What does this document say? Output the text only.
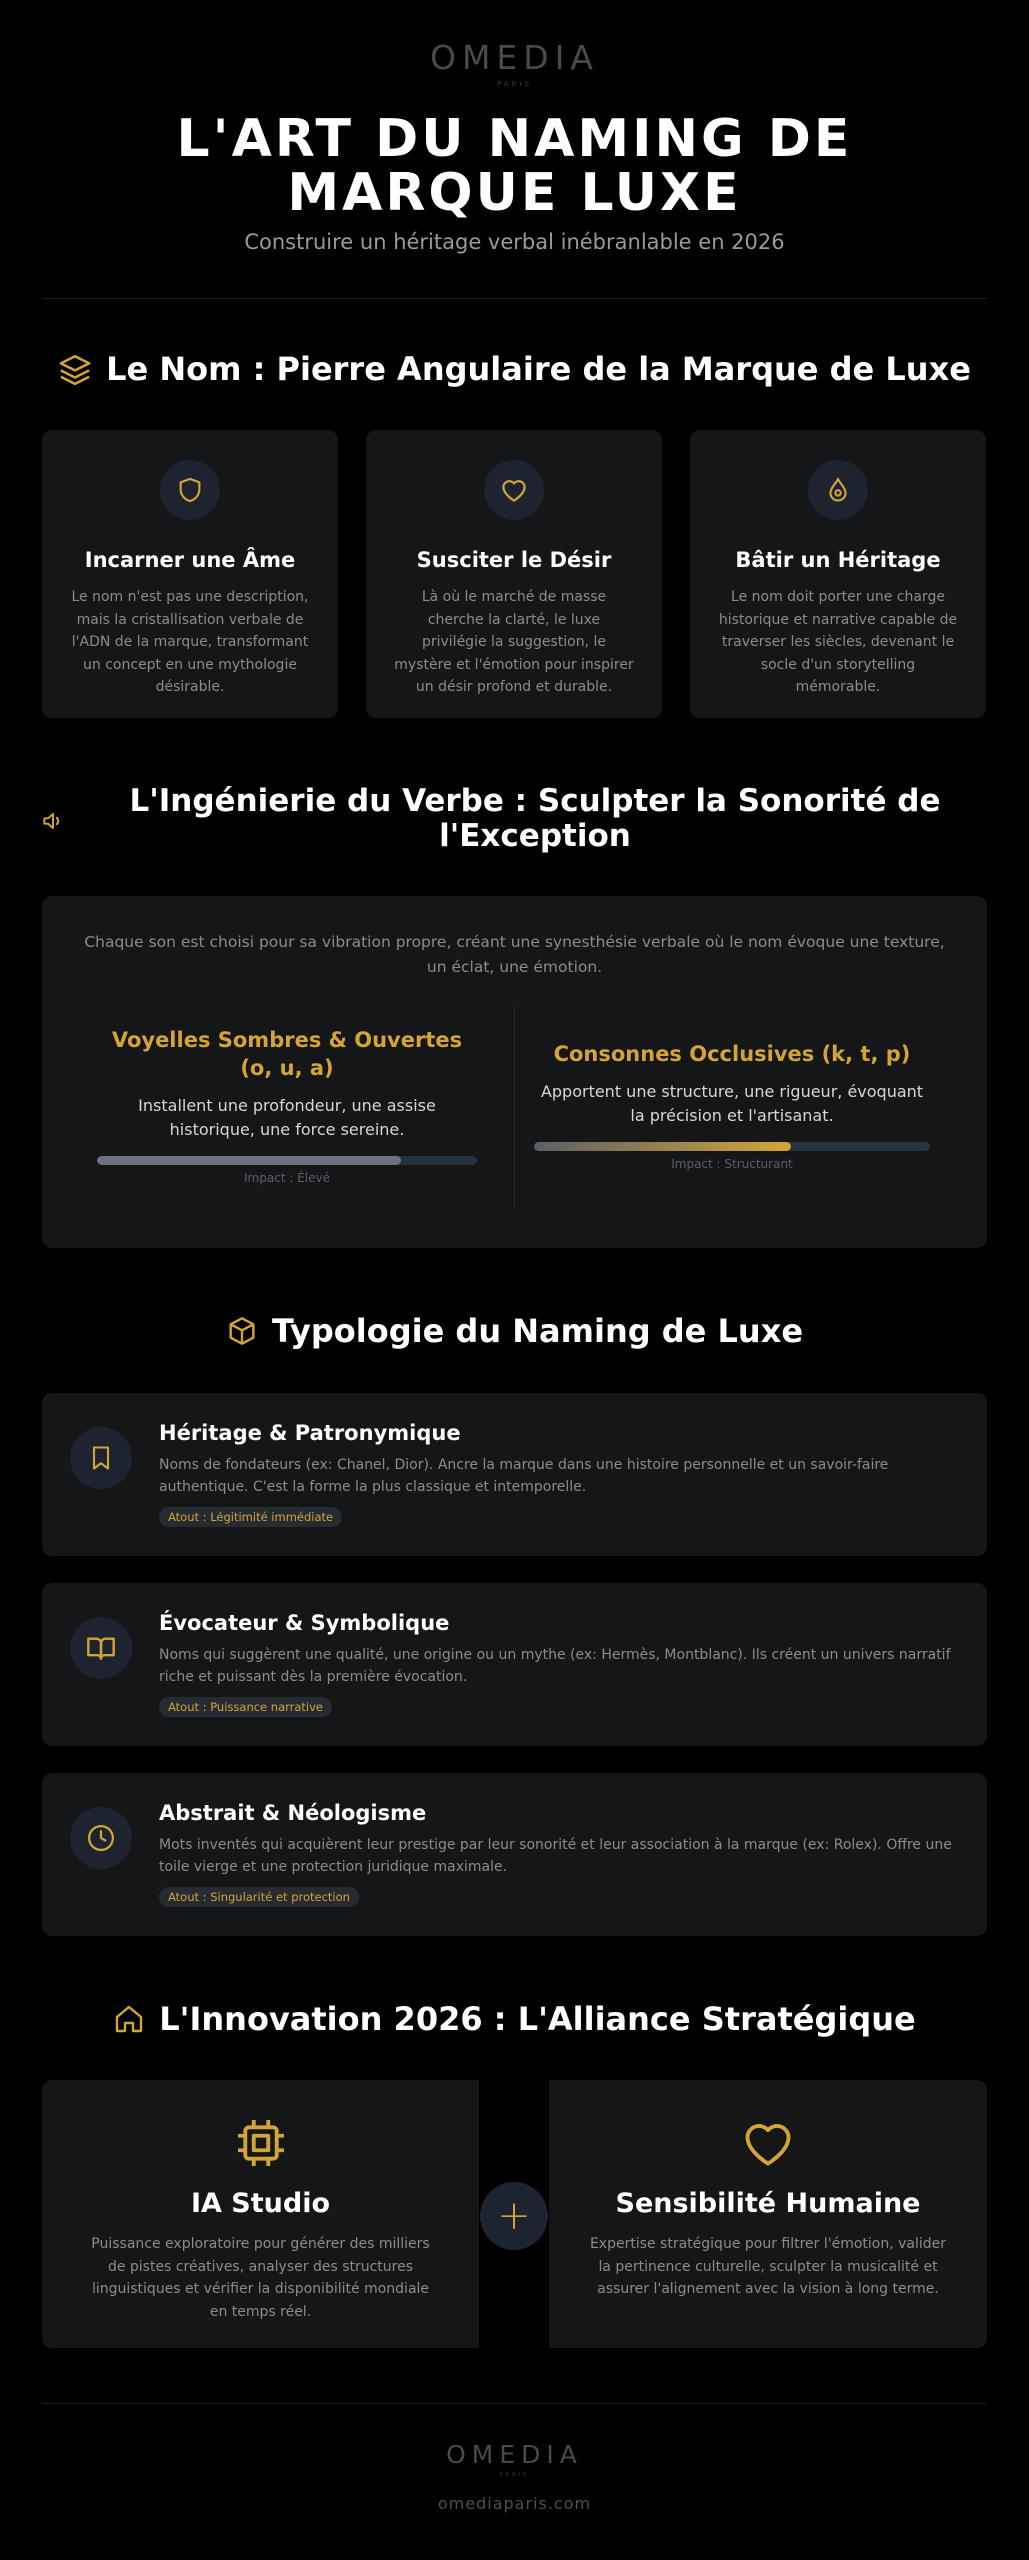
OMEDIA
PARIS
L'ART DU NAMING DE
MARQUE LUXE
Construire un héritage verbal inébranlable en 2026
Le Nom : Pierre Angulaire de la Marque de Luxe
Incarner une Âme

Le nom n'est pas une description, mais la cristallisation verbale de l'ADN de la marque, transformant un concept en une mythologie désirable.

Susciter le Désir

Là où le marché de masse cherche la clarté, le luxe privilégie la suggestion, le mystère et l'émotion pour inspirer un désir profond et durable.

Bâtir un Héritage

Le nom doit porter une charge historique et narrative capable de traverser les siècles, devenant le socle d'un storytelling mémorable.

L'Ingénierie du Verbe : Sculpter la Sonorité de
l'Exception
Chaque son est choisi pour sa vibration propre, créant une synesthésie verbale où le nom évoque une texture, un éclat, une émotion.
Voyelles Sombres & Ouvertes (o, u, a)

Installent une profondeur, une assise historique, une force sereine.

Impact : Élevé
Consonnes Occlusives (k, t, p)

Apportent une structure, une rigueur, évoquant la précision et l'artisanat.

Impact : Structurant
Typologie du Naming de Luxe
Héritage & Patronymique

Noms de fondateurs (ex: Chanel, Dior). Ancre la marque dans une histoire personnelle et un savoir-faire authentique. C'est la forme la plus classique et intemporelle.

Atout : Légitimité immédiate
Évocateur & Symbolique

Noms qui suggèrent une qualité, une origine ou un mythe (ex: Hermès, Montblanc). Ils créent un univers narratif riche et puissant dès la première évocation.

Atout : Puissance narrative
Abstrait & Néologisme

Mots inventés qui acquièrent leur prestige par leur sonorité et leur association à la marque (ex: Rolex). Offre une toile vierge et une protection juridique maximale.

Atout : Singularité et protection
L'Innovation 2026 : L'Alliance Stratégique
IA Studio

Puissance exploratoire pour générer des milliers de pistes créatives, analyser des structures linguistiques et vérifier la disponibilité mondiale en temps réel.

+	Sensibilité Humaine

Expertise stratégique pour filtrer l'émotion, valider la pertinence culturelle, sculpter la musicalité et assurer l'alignement avec la vision à long terme.

OMEDIA
PARIS
omediaparis.com
